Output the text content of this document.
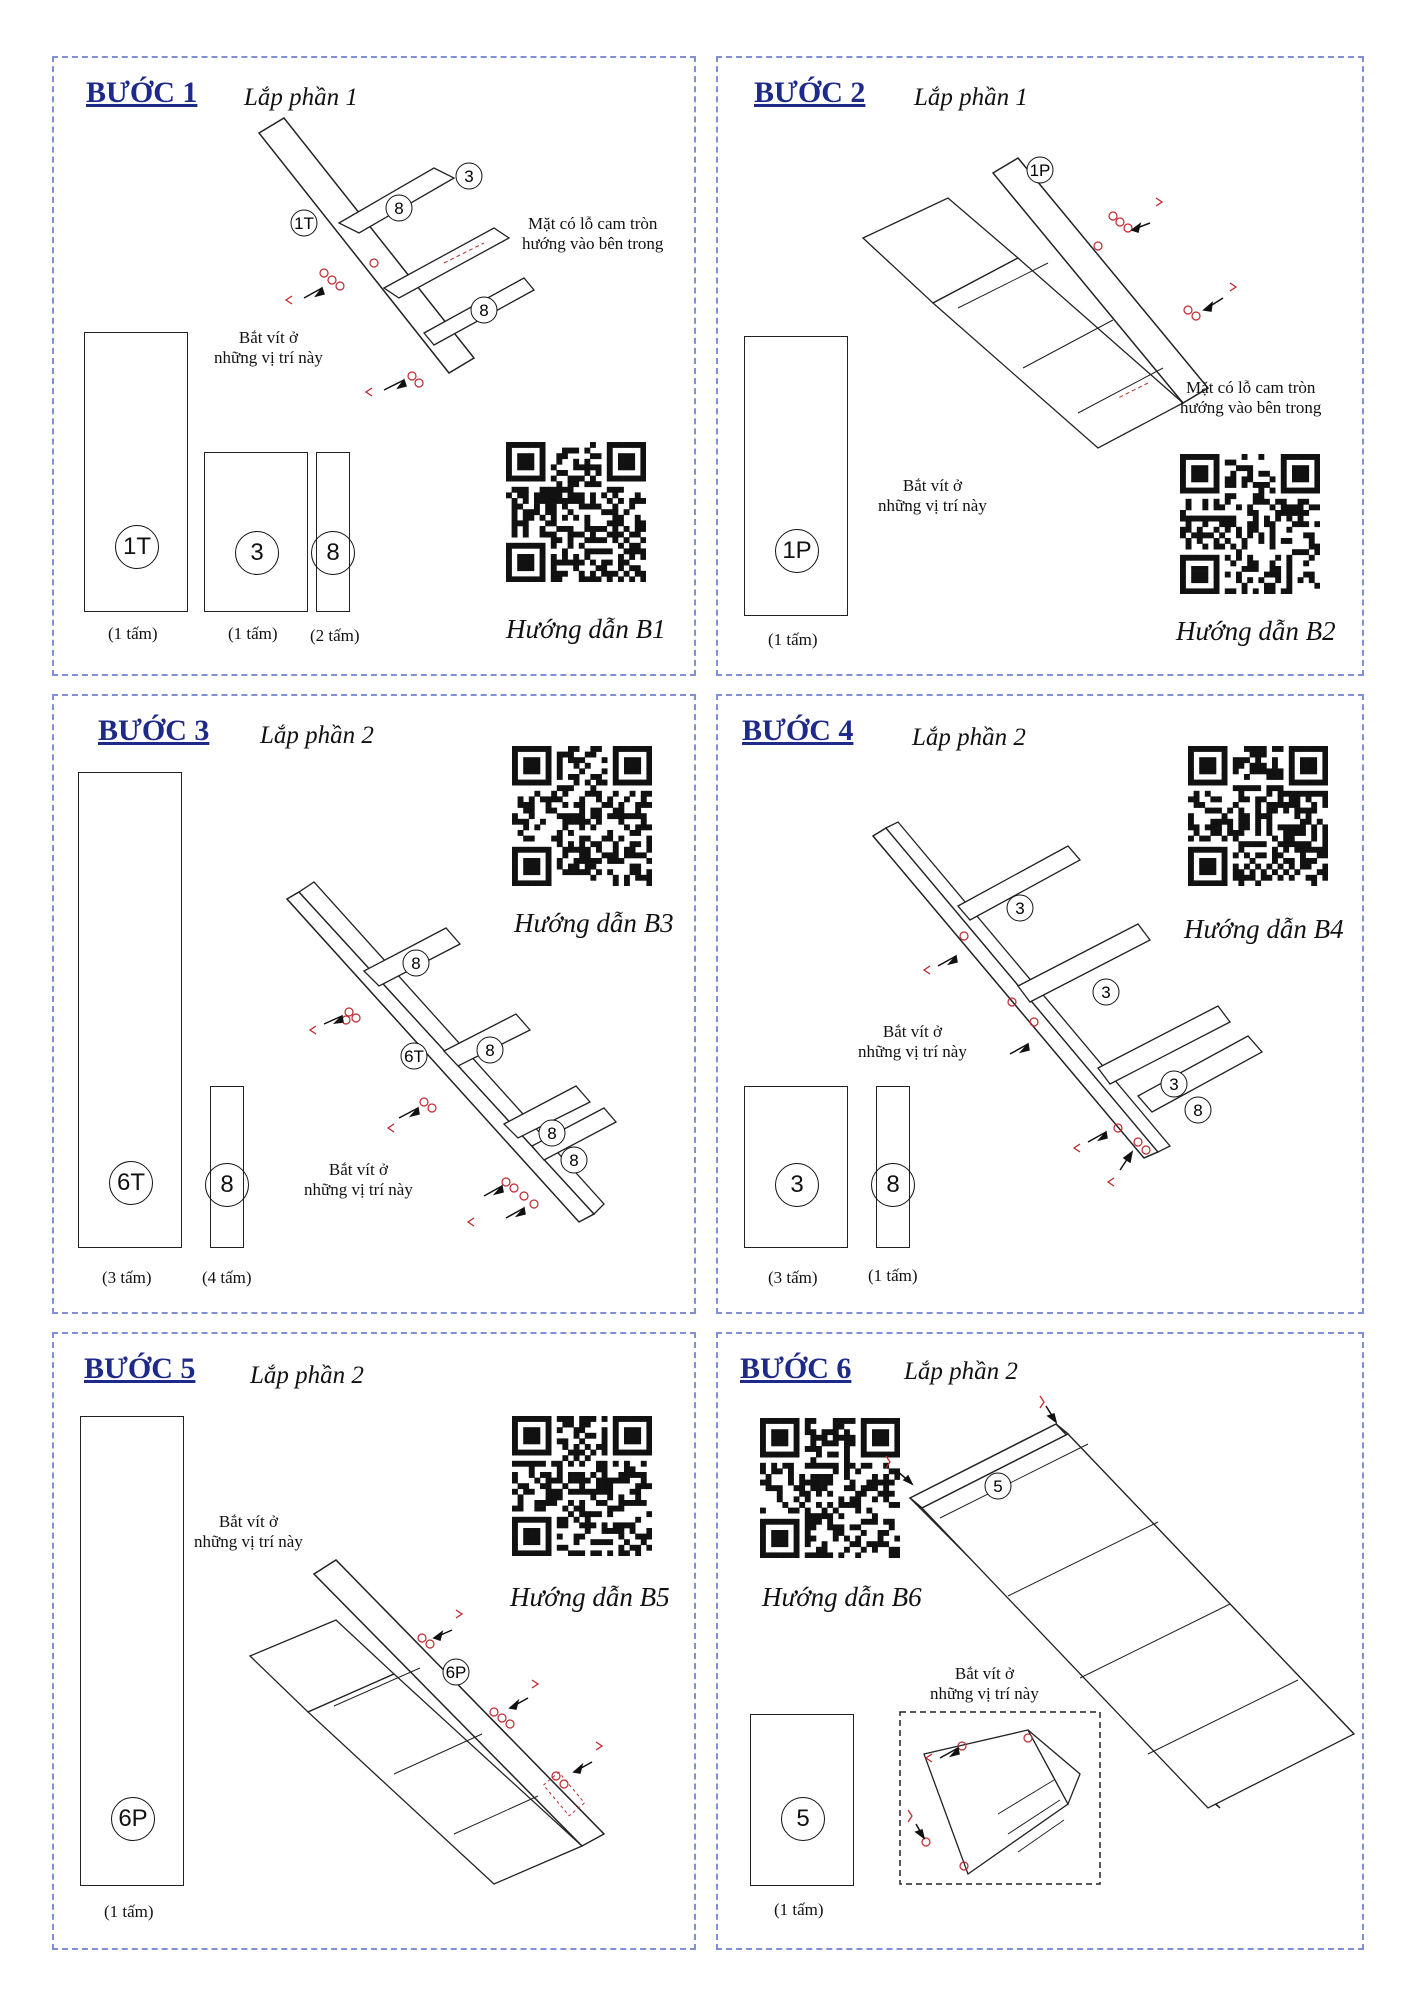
BƯỚC 1 Lắp phần 1
1T
8
3
8
Mặt có lỗ cam tròn
hướng vào bên trong
Bắt vít ở
những vị trí này
1T
(1 tấm)
3
(1 tấm)
8
(2 tấm)	Hướng dẫn B1
BƯỚC 2 Lắp phần 1
1P
Mặt có lỗ cam tròn
hướng vào bên trong
Bắt vít ở
những vị trí này
1P
(1 tấm)	Hướng dẫn B2
BƯỚC 3 Lắp phần 2
Hướng dẫn B3
8
6T	8
8
8
Bắt vít ở
những vị trí này
6T
(3 tấm)
8
(4 tấm)
BƯỚC 4 Lắp phần 2
Hướng dẫn B4
3
3
3
8
Bắt vít ở
những vị trí này
3
(3 tấm)
8
(1 tấm)
BƯỚC 5 Lắp phần 2
Hướng dẫn B5
6P
Bắt vít ở
những vị trí này
6P
(1 tấm)
BƯỚC 6 Lắp phần 2
Hướng dẫn B6
5
Bắt vít ở
những vị trí này
5
(1 tấm)
